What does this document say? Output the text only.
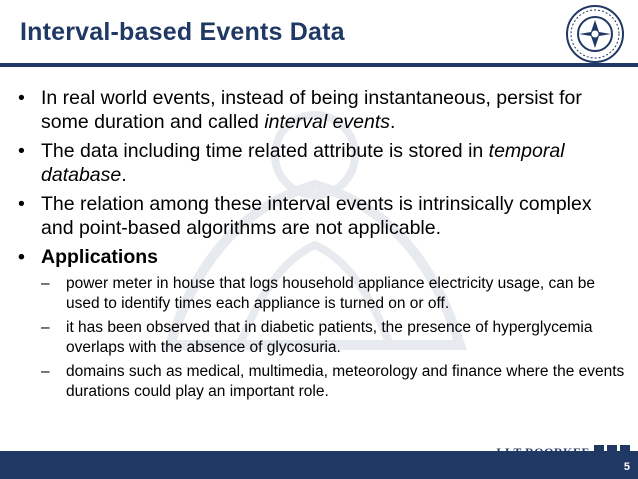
Interval-based Events Data
• In real world events, instead of being instantaneous, persist for some duration and called interval events.
• The data including time related attribute is stored in temporal database.
• The relation among these interval events is intrinsically complex and point-based algorithms are not applicable.
• Applications
– power meter in house that logs household appliance electricity usage, can be used to identify times each appliance is turned on or off.
– it has been observed that in diabetic patients, the presence of hyperglycemia overlaps with the absence of glycosuria.
– domains such as medical, multimedia, meteorology and finance where the events durations could play an important role.
5
